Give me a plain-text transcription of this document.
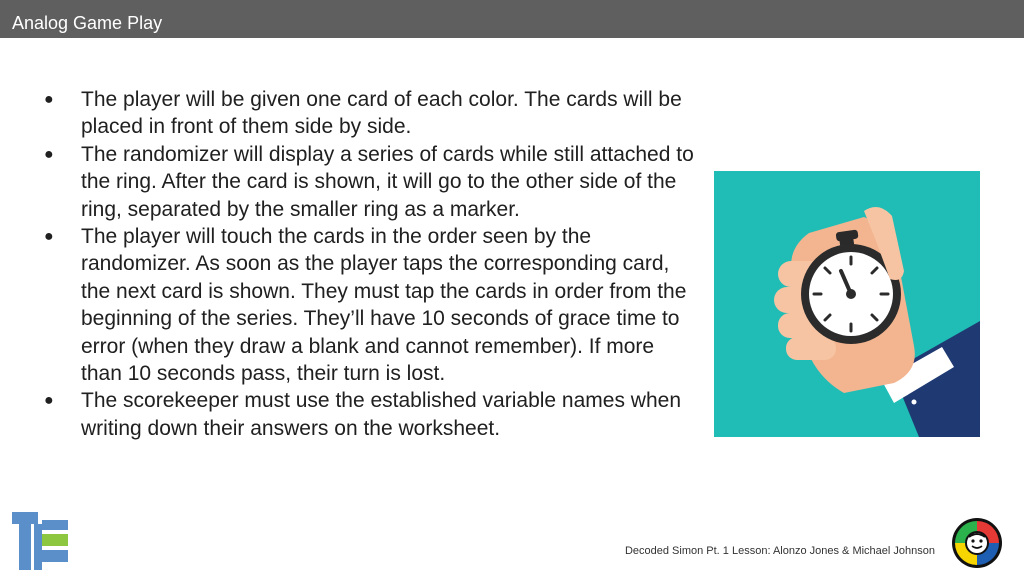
Analog Game Play
● The player will be given one card of each color. The cards will be placed in front of them side by side.
● The randomizer will display a series of cards while still attached to the ring. After the card is shown, it will go to the other side of the ring, separated by the smaller ring as a marker.
● The player will touch the cards in the order seen by the randomizer. As soon as the player taps the corresponding card, the next card is shown. They must tap the cards in order from the beginning of the series. They’ll have 10 seconds of grace time to error (when they draw a blank and cannot remember). If more than 10 seconds pass, their turn is lost.
● The scorekeeper must use the established variable names when writing down their answers on the worksheet.
Decoded Simon Pt. 1 Lesson: Alonzo Jones & Michael Johnson
